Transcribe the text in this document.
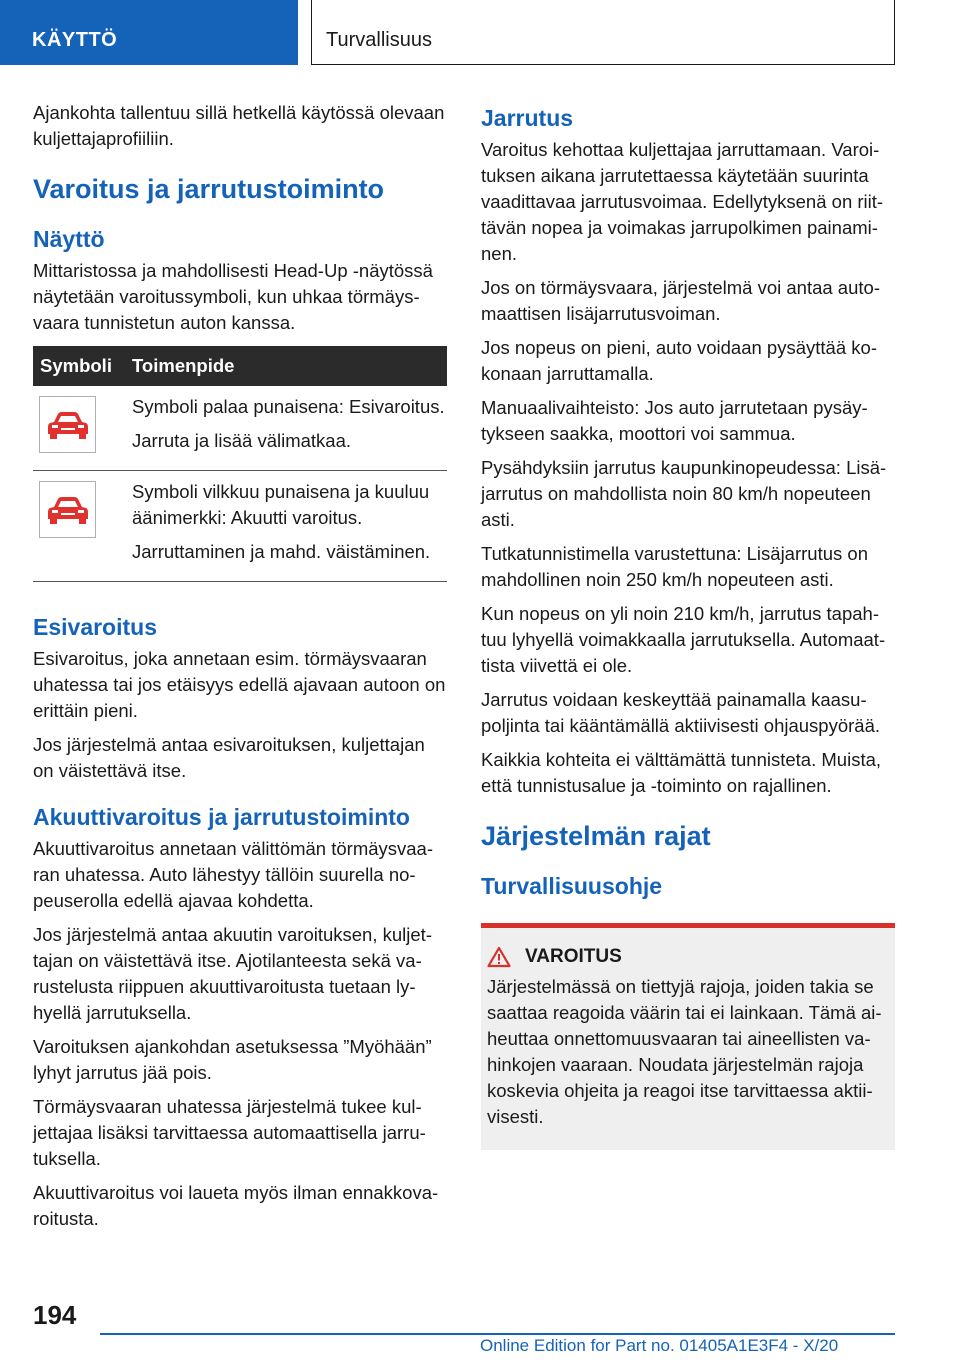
KÄYTTÖ	Turvallisuus

Ajankohta tallentuu sillä hetkellä käytössä olevaan kuljettajaprofiiliin.

Varoitus ja jarrutustoiminto
Näyttö

Mittaristossa ja mahdollisesti Head-Up -näytössä näytetään varoitussymboli, kun uhkaa törmäysvaara tunnistetun auton kanssa.

Symboli	Toimenpide

Symboli palaa punaisena: Esivaroitus.

Jarruta ja lisää välimatkaa.

Symboli vilkkuu punaisena ja kuuluu äänimerkki: Akuutti varoitus.

Jarruttaminen ja mahd. väistäminen.

Esivaroitus

Esivaroitus, joka annetaan esim. törmäysvaaran uhatessa tai jos etäisyys edellä ajavaan autoon on erittäin pieni.

Jos järjestelmä antaa esivaroituksen, kuljettajan on väistettävä itse.

Akuuttivaroitus ja jarrutustoiminto

Akuuttivaroitus annetaan välittömän törmäysvaaran uhatessa. Auto lähestyy tällöin suurella nopeuserolla edellä ajavaa kohdetta.

Jos järjestelmä antaa akuutin varoituksen, kuljettajan on väistettävä itse. Ajotilanteesta sekä varustelusta riippuen akuuttivaroitusta tuetaan lyhyellä jarrutuksella.

Varoituksen ajankohdan asetuksessa ”Myöhään” lyhyt jarrutus jää pois.

Törmäysvaaran uhatessa järjestelmä tukee kuljettajaa lisäksi tarvittaessa automaattisella jarrutuksella.

Akuuttivaroitus voi laueta myös ilman ennakkovaroitusta.

Jarrutus

Varoitus kehottaa kuljettajaa jarruttamaan. Varoituksen aikana jarrutettaessa käytetään suurinta vaadittavaa jarrutusvoimaa. Edellytyksenä on riittävän nopea ja voimakas jarrupolkimen painaminen.

Jos on törmäysvaara, järjestelmä voi antaa automaattisen lisäjarrutusvoiman.

Jos nopeus on pieni, auto voidaan pysäyttää kokonaan jarruttamalla.

Manuaalivaihteisto: Jos auto jarrutetaan pysäytykseen saakka, moottori voi sammua.

Pysähdyksiin jarrutus kaupunkinopeudessa: Lisäjarrutus on mahdollista noin 80 km/h nopeuteen asti.

Tutkatunnistimella varustettuna: Lisäjarrutus on mahdollinen noin 250 km/h nopeuteen asti.

Kun nopeus on yli noin 210 km/h, jarrutus tapahtuu lyhyellä voimakkaalla jarrutuksella. Automaattista viivettä ei ole.

Jarrutus voidaan keskeyttää painamalla kaasupoljinta tai kääntämällä aktiivisesti ohjauspyörää.

Kaikkia kohteita ei välttämättä tunnisteta. Muista, että tunnistusalue ja -toiminto on rajallinen.

Järjestelmän rajat
Turvallisuusohje
VAROITUS

Järjestelmässä on tiettyjä rajoja, joiden takia se saattaa reagoida väärin tai ei lainkaan. Tämä aiheuttaa onnettomuusvaaran tai aineellisten vahinkojen vaaraan. Noudata järjestelmän rajoja koskevia ohjeita ja reagoi itse tarvittaessa aktiivisesti.

194
Online Edition for Part no. 01405A1E3F4 - X/20
